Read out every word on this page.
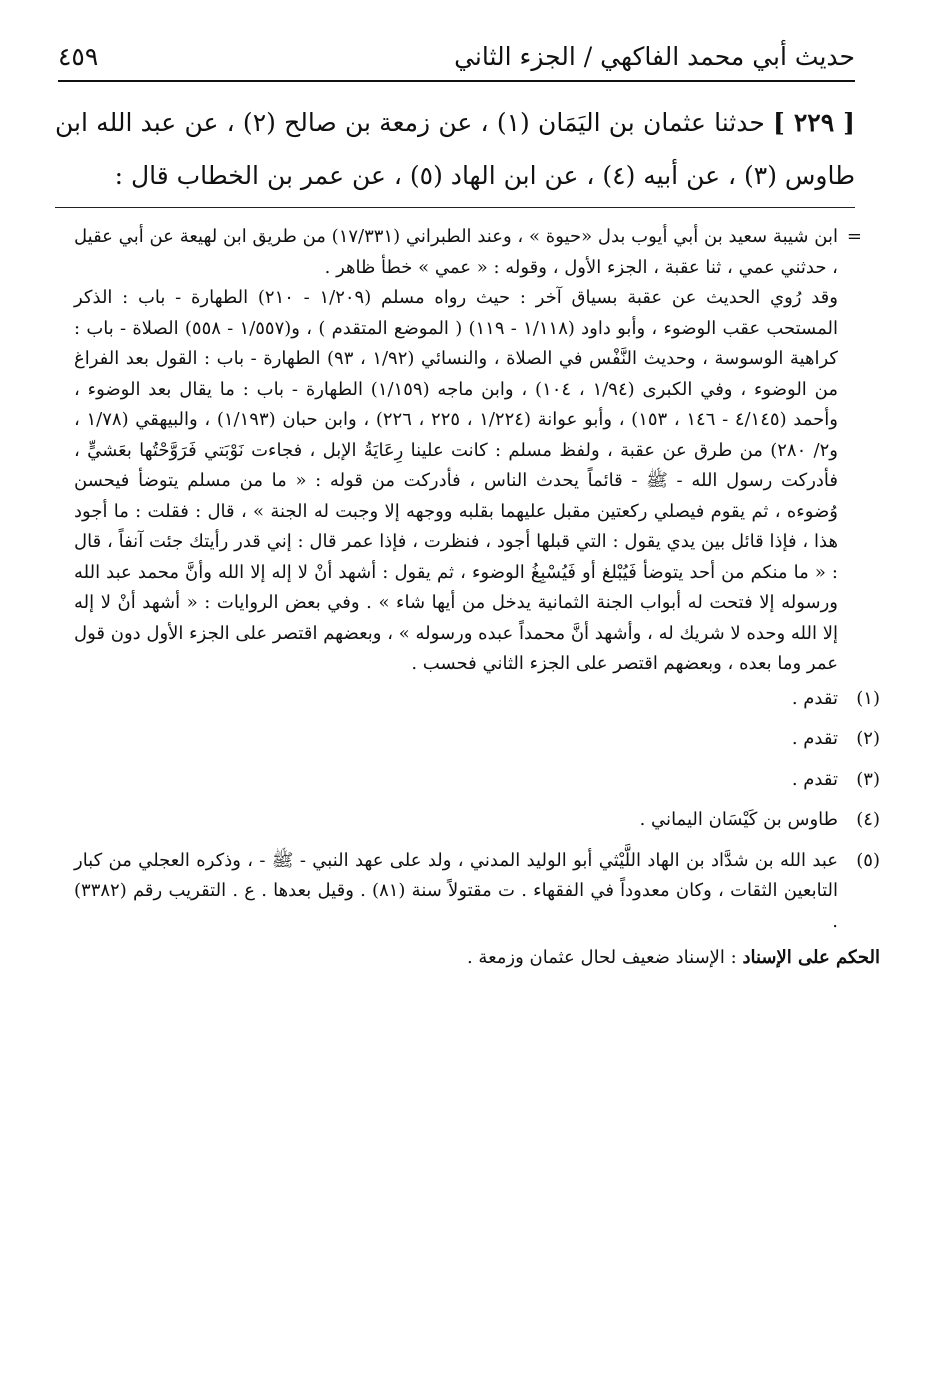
حديث أبي محمد الفاكهي / الجزء الثاني
٤٥٩
[ ٢٢٩ ] حدثنا عثمان بن اليَمَان (١) ، عن زمعة بن صالح (٢) ، عن عبد الله ابن طاوس (٣) ، عن أبيه (٤) ، عن ابن الهاد (٥) ، عن عمر بن الخطاب قال :

=
ابن شيبة سعيد بن أبي أيوب بدل «حيوة » ، وعند الطبراني (١٧/٣٣١) من طريق ابن لهيعة عن أبي عقيل ، حدثني عمي ، ثنا عقبة ، الجزء الأول ، وقوله : « عمي » خطأ ظاهر .

وقد رُوي الحديث عن عقبة بسياق آخر : حيث رواه مسلم (١/٢٠٩ - ٢١٠) الطهارة - باب : الذكر المستحب عقب الوضوء ، وأبو داود (١/١١٨ - ١١٩) ( الموضع المتقدم ) ، و(١/٥٥٧ - ٥٥٨) الصلاة - باب : كراهية الوسوسة ، وحديث النَّفْس في الصلاة ، والنسائي (١/٩٢ ، ٩٣) الطهارة - باب : القول بعد الفراغ من الوضوء ، وفي الكبرى (١/٩٤ ، ١٠٤) ، وابن ماجه (١/١٥٩) الطهارة - باب : ما يقال بعد الوضوء ، وأحمد (٤/١٤٥ - ١٤٦ ، ١٥٣) ، وأبو عوانة (١/٢٢٤ ، ٢٢٥ ، ٢٢٦) ، وابن حبان (١/١٩٣) ، والبيهقي (١/٧٨ ، و٢/ ٢٨٠) من طرق عن عقبة ، ولفظ مسلم : كانت علينا رِعَايَةُ الإبل ، فجاءت نَوْبَتي فَرَوَّحْتُها بعَشيٍّ ، فأدركت رسول الله - ﷺ - قائماً يحدث الناس ، فأدركت من قوله : « ما من مسلم يتوضأ فيحسن وُضوءه ، ثم يقوم فيصلي ركعتين مقبل عليهما بقلبه ووجهه إلا وجبت له الجنة » ، قال : فقلت : ما أجود هذا ، فإذا قائل بين يدي يقول : التي قبلها أجود ، فنظرت ، فإذا عمر قال : إني قدر رأيتك جئت آنفاً ، قال : « ما منكم من أحد يتوضأ فَيُبْلغ أو فَيُسْبِغُ الوضوء ، ثم يقول : أشهد أنْ لا إله إلا الله وأنَّ محمد عبد الله ورسوله إلا فتحت له أبواب الجنة الثمانية يدخل من أيها شاء » . وفي بعض الروايات : « أشهد أنْ لا إله إلا الله وحده لا شريك له ، وأشهد أنَّ محمداً عبده ورسوله » ، وبعضهم اقتصر على الجزء الأول دون قول عمر وما بعده ، وبعضهم اقتصر على الجزء الثاني فحسب .

(١)
تقدم .
(٢)
تقدم .
(٣)
تقدم .
(٤)
طاوس بن كَيْسَان اليماني .
(٥)
عبد الله بن شدَّاد بن الهاد اللَّيْثي أبو الوليد المدني ، ولد على عهد النبي - ﷺ - ، وذكره العجلي من كبار التابعين الثقات ، وكان معدوداً في الفقهاء . ت مقتولاً سنة (٨١) . وقيل بعدها . ع . التقريب رقم (٣٣٨٢) .

الحكم على الإسناد : الإسناد ضعيف لحال عثمان وزمعة .
